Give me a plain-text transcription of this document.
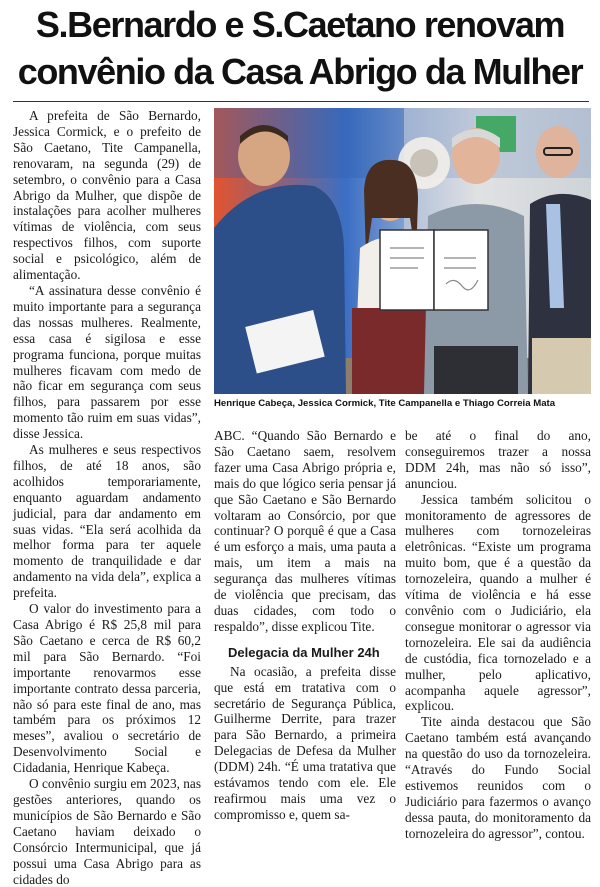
S.Bernardo e S.Caetano renovam
convênio da Casa Abrigo da Mulher

A prefeita de São Bernardo, Jessica Cormick, e o prefeito de São Caetano, Tite Campanella, renovaram, na segunda (29) de setembro, o convênio para a Casa Abrigo da Mulher, que dispõe de instalações para acolher mulheres vítimas de violência, com seus respectivos filhos, com suporte social e psicológico, além de alimentação.

“A assinatura desse convênio é muito importante para a segurança das nossas mulheres. Realmente, essa casa é sigilosa e esse programa funciona, porque muitas mulheres ficavam com medo de não ficar em segurança com seus filhos, para passarem por esse momento tão ruim em suas vidas”, disse Jessica.

As mulheres e seus respectivos filhos, de até 18 anos, são acolhidos temporariamente, enquanto aguardam andamento judicial, para dar andamento em suas vidas. “Ela será acolhida da melhor forma para ter aquele momento de tranquilidade e dar andamento na vida dela”, explica a prefeita.

O valor do investimento para a Casa Abrigo é R$ 25,8 mil para São Caetano e cerca de R$ 60,2 mil para São Bernardo. “Foi importante renovarmos esse importante contrato dessa parceria, não só para este final de ano, mas também para os próximos 12 meses”, avaliou o secretário de Desenvolvimento Social e Cidadania, Henrique Kabeça.

O convênio surgiu em 2023, nas gestões anteriores, quando os municípios de São Bernardo e São Caetano haviam deixado o Consórcio Intermunicipal, que já possui uma Casa Abrigo para as cidades do

Henrique Cabeça, Jessica Cormick, Tite Campanella e Thiago Correia Mata

ABC. “Quando São Bernardo e São Caetano saem, resolvem fazer uma Casa Abrigo própria e, mais do que lógico seria pensar já que São Caetano e São Bernardo voltaram ao Consórcio, por que continuar? O porquê é que a Casa é um esforço a mais, uma pauta a mais, um item a mais na segurança das mulheres vítimas de violência que precisam, das duas cidades, com todo o respaldo”, disse explicou Tite.

Delegacia da Mulher 24h

Na ocasião, a prefeita disse que está em tratativa com o secretário de Segurança Pública, Guilherme Derrite, para trazer para São Bernardo, a primeira Delegacias de Defesa da Mulher (DDM) 24h. “É uma tratativa que estávamos tendo com ele. Ele reafirmou mais uma vez o compromisso e, quem sa-

be até o final do ano, conseguiremos trazer a nossa DDM 24h, mas não só isso”, anunciou.

Jessica também solicitou o monitoramento de agressores de mulheres com tornozeleiras eletrônicas. “Existe um programa muito bom, que é a questão da tornozeleira, quando a mulher é vítima de violência e há esse convênio com o Judiciário, ela consegue monitorar o agressor via tornozeleira. Ele sai da audiência de custódia, fica tornozelado e a mulher, pelo aplicativo, acompanha aquele agressor”, explicou.

Tite ainda destacou que São Caetano também está avançando na questão do uso da tornozeleira. “Através do Fundo Social estivemos reunidos com o Judiciário para fazermos o avanço dessa pauta, do monitoramento da tornozeleira do agressor”, contou.
